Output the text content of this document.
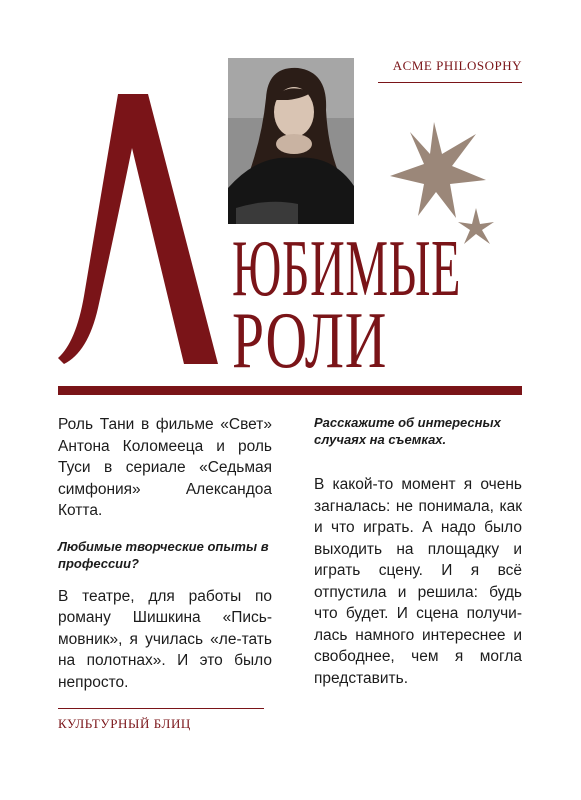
ACME PHILOSOPHY
ЮБИМЫЕ
РОЛИ

Роль Тани в фильме «Свет» Антона Коломееца и роль Туси в сериале «Седьмая симфония» Александоа Котта.

Любимые творческие опыты в профессии?

В театре, для работы по роману Шишкина «Пись-мовник», я училась «ле-тать на полотнах». И это было непросто.

Расскажите об интересных случаях на съемках.

В какой-то момент я очень загналась: не понимала, как и что играть. А надо было выходить на площадку и играть сцену. И я всё отпустила и решила: будь что будет. И сцена получи-лась намного интереснее и свободнее, чем я могла представить.

КУЛЬТУРНЫЙ БЛИЦ
